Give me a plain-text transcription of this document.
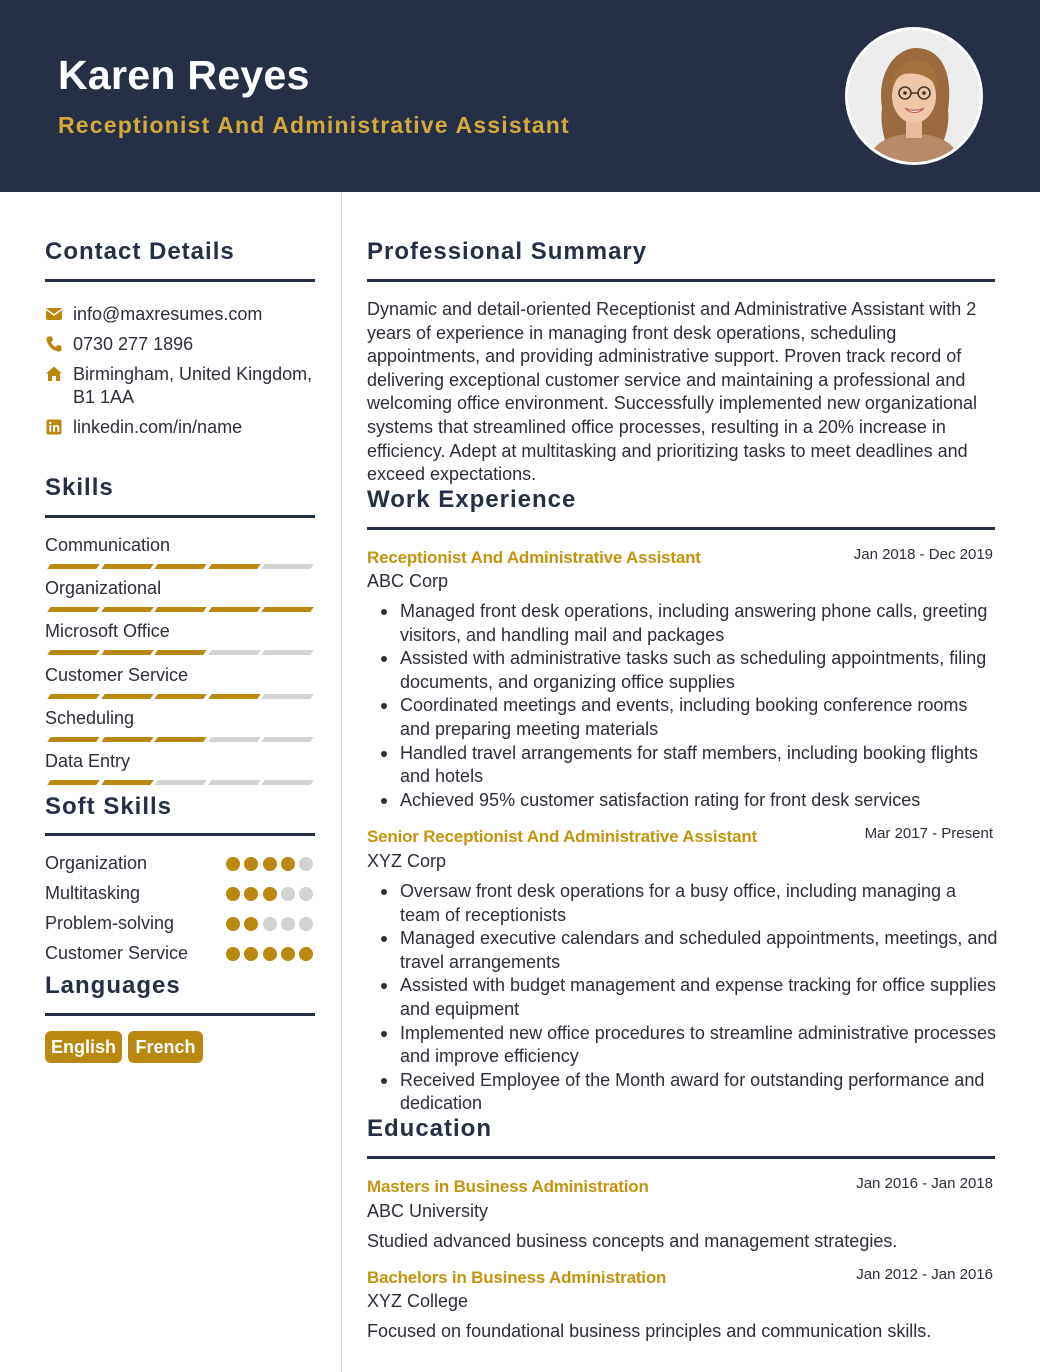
Karen Reyes
Receptionist And Administrative Assistant
Contact Details
info@maxresumes.com
0730 277 1896
Birmingham, United Kingdom,
B1 1AA
linkedin.com/in/name
Skills
Communication
Organizational
Microsoft Office
Customer Service
Scheduling
Data Entry
Soft Skills
Organization
Multitasking
Problem-solving
Customer Service
Languages
English	French
Professional Summary
Dynamic and detail-oriented Receptionist and Administrative Assistant with 2 years of experience in managing front desk operations, scheduling appointments, and providing administrative support. Proven track record of delivering exceptional customer service and maintaining a professional and welcoming office environment. Successfully implemented new organizational systems that streamlined office processes, resulting in a 20% increase in efficiency. Adept at multitasking and prioritizing tasks to meet deadlines and exceed expectations.
Work Experience
Receptionist And Administrative Assistant	Jan 2018 - Dec 2019
ABC Corp
Managed front desk operations, including answering phone calls, greeting visitors, and handling mail and packages
Assisted with administrative tasks such as scheduling appointments, filing documents, and organizing office supplies
Coordinated meetings and events, including booking conference rooms and preparing meeting materials
Handled travel arrangements for staff members, including booking flights and hotels
Achieved 95% customer satisfaction rating for front desk services
Senior Receptionist And Administrative Assistant	Mar 2017 - Present
XYZ Corp
Oversaw front desk operations for a busy office, including managing a team of receptionists
Managed executive calendars and scheduled appointments, meetings, and travel arrangements
Assisted with budget management and expense tracking for office supplies and equipment
Implemented new office procedures to streamline administrative processes and improve efficiency
Received Employee of the Month award for outstanding performance and dedication
Education
Masters in Business Administration	Jan 2016 - Jan 2018
ABC University
Studied advanced business concepts and management strategies.
Bachelors in Business Administration	Jan 2012 - Jan 2016
XYZ College
Focused on foundational business principles and communication skills.
